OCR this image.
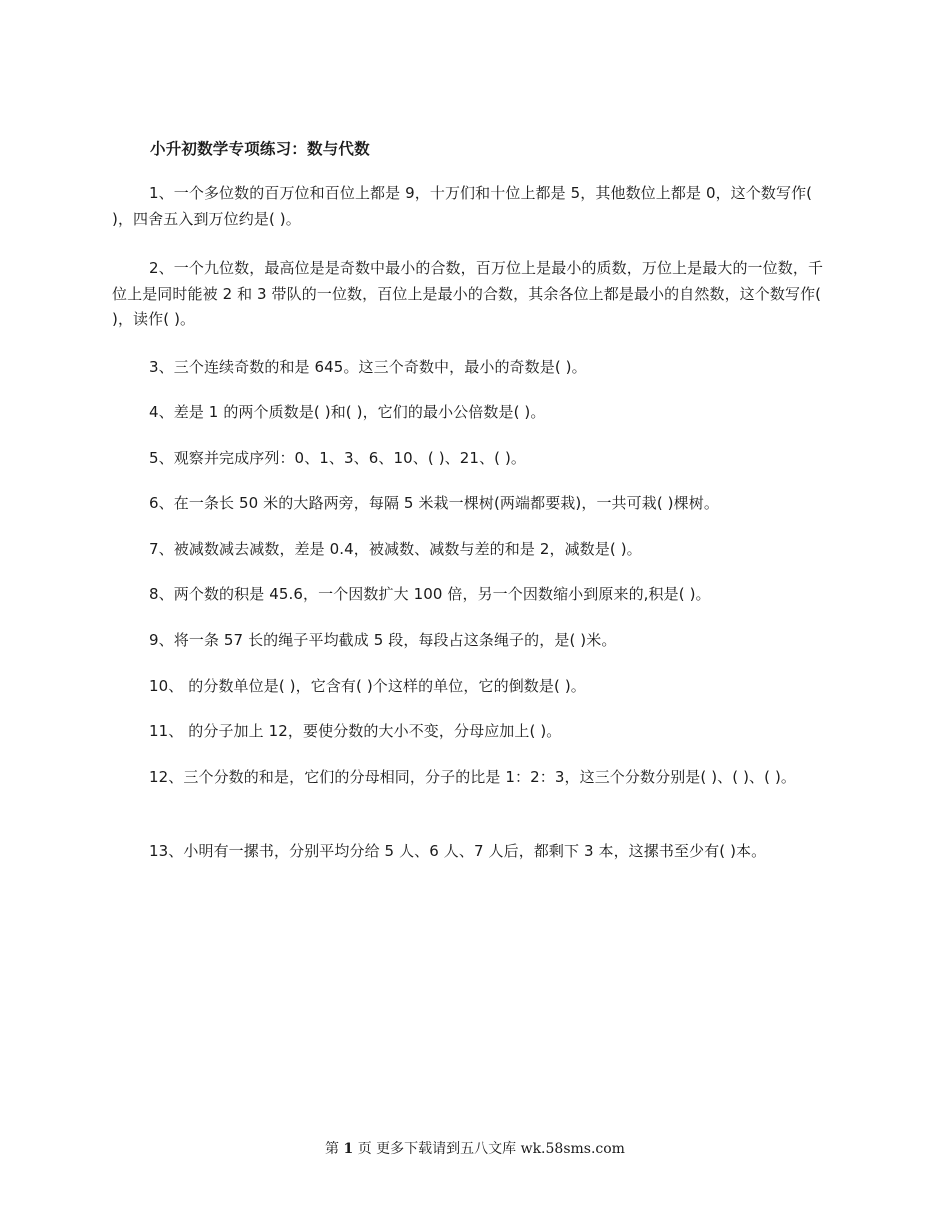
小升初数学专项练习：数与代数
1、一个多位数的百万位和百位上都是 9，十万们和十位上都是 5，其他数位上都是 0，这个数写作( )，四舍五入到万位约是( )。
2、一个九位数，最高位是是奇数中最小的合数，百万位上是最小的质数，万位上是最大的一位数，千位上是同时能被 2 和 3 带队的一位数，百位上是最小的合数，其余各位上都是最小的自然数，这个数写作( )，读作( )。
3、三个连续奇数的和是 645。这三个奇数中，最小的奇数是( )。
4、差是 1 的两个质数是( )和( )，它们的最小公倍数是( )。
5、观察并完成序列：0、1、3、6、10、( )、21、( )。
6、在一条长 50 米的大路两旁，每隔 5 米栽一棵树(两端都要栽)，一共可栽( )棵树。
7、被减数减去减数，差是 0.4，被减数、减数与差的和是 2，减数是( )。
8、两个数的积是 45.6，一个因数扩大 100 倍，另一个因数缩小到原来的,积是( )。
9、将一条 57 长的绳子平均截成 5 段，每段占这条绳子的，是( )米。
10、 的分数单位是( )，它含有( )个这样的单位，它的倒数是( )。
11、 的分子加上 12，要使分数的大小不变，分母应加上( )。
12、三个分数的和是，它们的分母相同，分子的比是 1：2：3，这三个分数分别是( )、( )、( )。
13、小明有一摞书，分别平均分给 5 人、6 人、7 人后，都剩下 3 本，这摞书至少有( )本。
第 1 页 更多下载请到五八文库 wk.58sms.com
